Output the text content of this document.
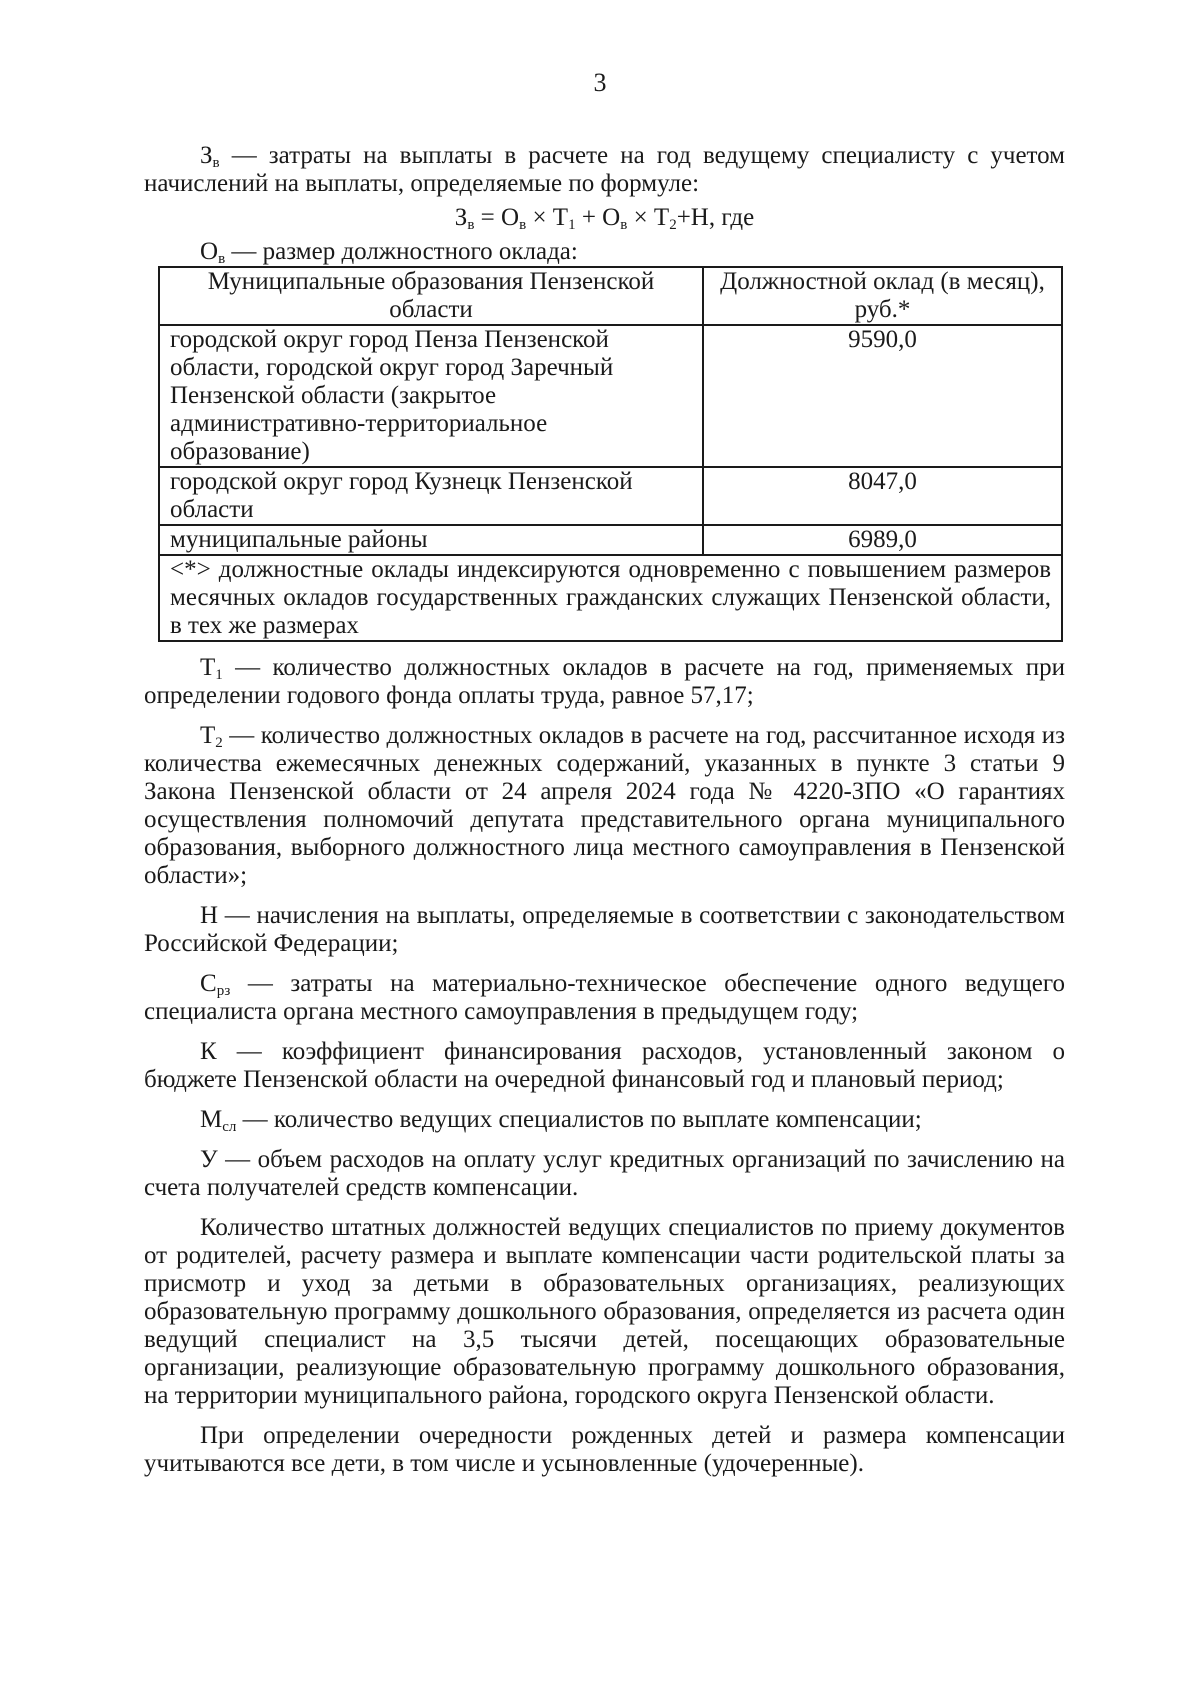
3

$З_в$ — затраты на выплаты в расчете на год ведущему специалисту с учетом начислений на выплаты, определяемые по формуле:

$З_в = О_в \times Т_1 + О_в \times Т_2+Н$, где

$О_в$ — размер должностного оклада:

Муниципальные образования Пензенской области	Должностной оклад (в месяц), руб.*
городской округ город Пенза Пензенской области, городской округ город Заречный Пензенской области (закрытое административно-территориальное образование)	9590,0
городской округ город Кузнецк Пензенской области	8047,0
муниципальные районы	6989,0
<*> должностные оклады индексируются одновременно с повышением размеров месячных окладов государственных гражданских служащих Пензенской области, в тех же размерах	

$Т_1$ — количество должностных окладов в расчете на год, применяемых при определении годового фонда оплаты труда, равное 57,17;

$Т_2$ — количество должностных окладов в расчете на год, рассчитанное исходя из количества ежемесячных денежных содержаний, указанных в пункте 3 статьи 9 Закона Пензенской области от 24 апреля 2024 года № 4220-ЗПО «О гарантиях осуществления полномочий депутата представительного органа муниципального образования, выборного должностного лица местного самоуправления в Пензенской области»;

Н — начисления на выплаты, определяемые в соответствии с законодательством Российской Федерации;

$С_{рз}$ — затраты на материально-техническое обеспечение одного ведущего специалиста органа местного самоуправления в предыдущем году;

К — коэффициент финансирования расходов, установленный законом о бюджете Пензенской области на очередной финансовый год и плановый период;

$М_{сл}$ — количество ведущих специалистов по выплате компенсации;

У — объем расходов на оплату услуг кредитных организаций по зачислению на счета получателей средств компенсации.

Количество штатных должностей ведущих специалистов по приему документов от родителей, расчету размера и выплате компенсации части родительской платы за присмотр и уход за детьми в образовательных организациях, реализующих образовательную программу дошкольного образования, определяется из расчета один ведущий специалист на 3,5 тысячи детей, посещающих образовательные организации, реализующие образовательную программу дошкольного образования, на территории муниципального района, городского округа Пензенской области.

При определении очередности рожденных детей и размера компенсации учитываются все дети, в том числе и усыновленные (удочеренные).
